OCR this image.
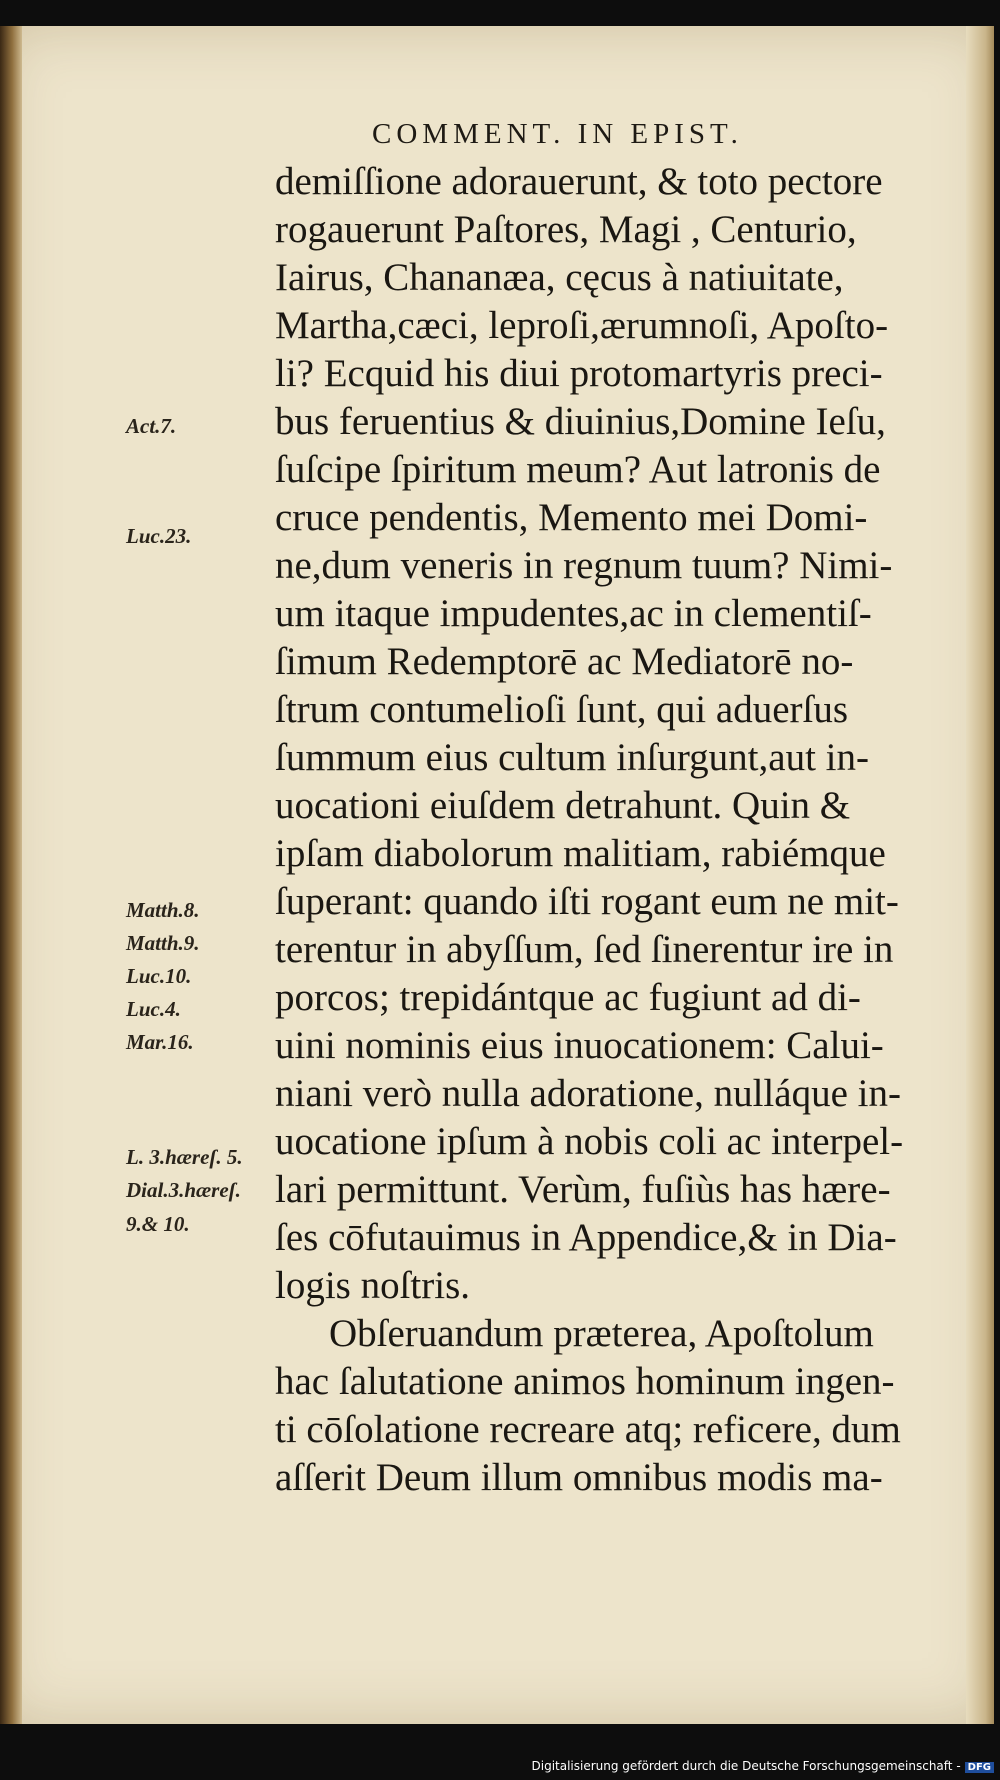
COMMENT. IN EPIST.
demiſſione adorauerunt, & toto pectore
rogauerunt Paſtores, Magi , Centurio,
Iairus, Chananæa, cęcus à natiuitate,
Martha,cæci, leproſi,ærumnoſi, Apoſto-
li? Ecquid his diui protomartyris preci-
bus feruentius & diuinius,Domine Ieſu,
ſuſcipe ſpiritum meum? Aut latronis de
cruce pendentis, Memento mei Domi-
ne,dum veneris in regnum tuum? Nimi-
um itaque impudentes,ac in clementiſ-
ſimum Redemptorē ac Mediatorē no-
ſtrum contumelioſi ſunt, qui aduerſus
ſummum eius cultum inſurgunt,aut in-
uocationi eiuſdem detrahunt. Quin &
ipſam diabolorum malitiam, rabiémque
ſuperant: quando iſti rogant eum ne mit-
terentur in abyſſum, ſed ſinerentur ire in
porcos; trepidántque ac fugiunt ad di-
uini nominis eius inuocationem: Calui-
niani verò nulla adoratione, nulláque in-
uocatione ipſum à nobis coli ac interpel-
lari permittunt. Verùm, fuſiùs has hære-
ſes cōfutauimus in Appendice,& in Dia-
logis noſtris.
Obſeruandum præterea, Apoſtolum
hac ſalutatione animos hominum ingen-
ti cōſolatione recreare atq; reficere, dum
aſſerit Deum illum omnibus modis ma-
Act.7.
Luc.23.
Matth.8.
Matth.9.
Luc.10.
Luc.4.
Mar.16.
L. 3.hæreſ. 5.
Dial.3.hæreſ.
9.& 10.
Digitalisierung gefördert durch die Deutsche Forschungsgemeinschaft - DFG
